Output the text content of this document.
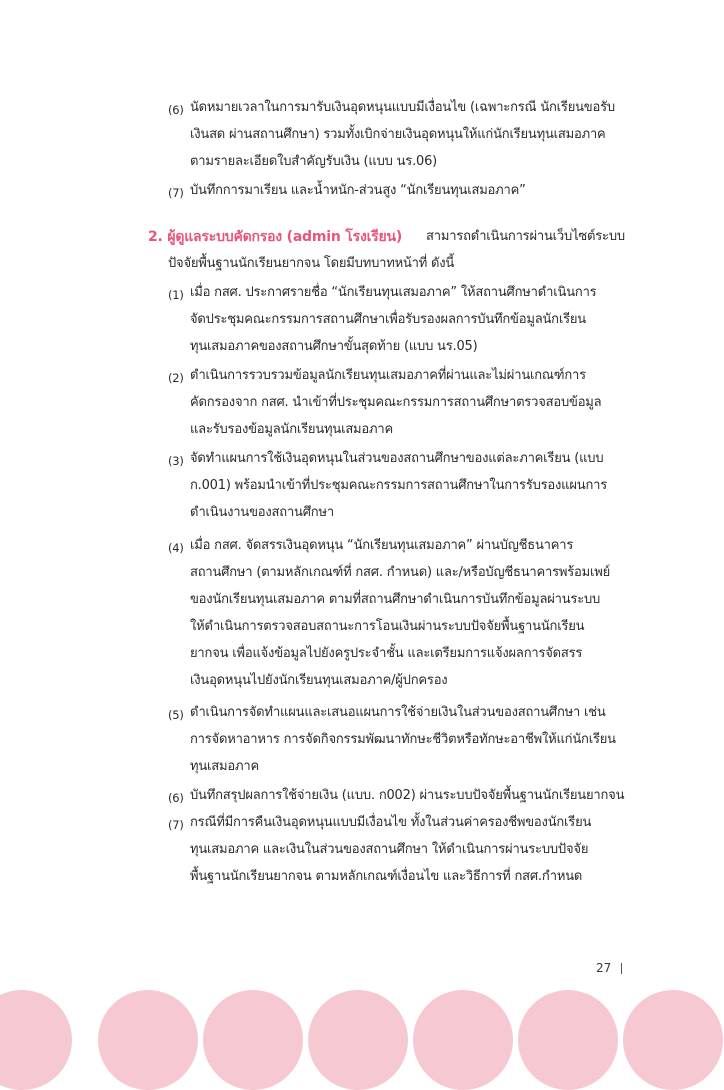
(6) นัดหมายเวลาในการมารับเงินอุดหนุนแบบมีเงื่อนไข (เฉพาะกรณี นักเรียนขอรับ
เงินสด ผ่านสถานศึกษา) รวมทั้งเบิกจ่ายเงินอุดหนุนให้แก่นักเรียนทุนเสมอภาค
ตามรายละเอียดใบสำคัญรับเงิน (แบบ นร.06)
(7) บันทึกการมาเรียน และน้ำหนัก-ส่วนสูง “นักเรียนทุนเสมอภาค”
2. ผู้ดูแลระบบคัดกรอง (admin โรงเรียน) สามารถดำเนินการผ่านเว็บไซต์ระบบ
ปัจจัยพื้นฐานนักเรียนยากจน โดยมีบทบาทหน้าที่ ดังนี้
(1) เมื่อ กสศ. ประกาศรายชื่อ “นักเรียนทุนเสมอภาค” ให้สถานศึกษาดำเนินการ
จัดประชุมคณะกรรมการสถานศึกษาเพื่อรับรองผลการบันทึกข้อมูลนักเรียน
ทุนเสมอภาคของสถานศึกษาขั้นสุดท้าย (แบบ นร.05)
(2) ดำเนินการรวบรวมข้อมูลนักเรียนทุนเสมอภาคที่ผ่านและไม่ผ่านเกณฑ์การ
คัดกรองจาก กสศ. นำเข้าที่ประชุมคณะกรรมการสถานศึกษาตรวจสอบข้อมูล
และรับรองข้อมูลนักเรียนทุนเสมอภาค
(3) จัดทำแผนการใช้เงินอุดหนุนในส่วนของสถานศึกษาของแต่ละภาคเรียน (แบบ
ก.001) พร้อมนำเข้าที่ประชุมคณะกรรมการสถานศึกษาในการรับรองแผนการ
ดำเนินงานของสถานศึกษา
(4) เมื่อ กสศ. จัดสรรเงินอุดหนุน “นักเรียนทุนเสมอภาค” ผ่านบัญชีธนาคาร
สถานศึกษา (ตามหลักเกณฑ์ที่ กสศ. กำหนด) และ/หรือบัญชีธนาคารพร้อมเพย์
ของนักเรียนทุนเสมอภาค ตามที่สถานศึกษาดำเนินการบันทึกข้อมูลผ่านระบบ
ให้ดำเนินการตรวจสอบสถานะการโอนเงินผ่านระบบปัจจัยพื้นฐานนักเรียน
ยากจน เพื่อแจ้งข้อมูลไปยังครูประจำชั้น และเตรียมการแจ้งผลการจัดสรร
เงินอุดหนุนไปยังนักเรียนทุนเสมอภาค/ผู้ปกครอง
(5) ดำเนินการจัดทำแผนและเสนอแผนการใช้จ่ายเงินในส่วนของสถานศึกษา เช่น
การจัดหาอาหาร การจัดกิจกรรมพัฒนาทักษะชีวิตหรือทักษะอาชีพให้แก่นักเรียน
ทุนเสมอภาค
(6) บันทึกสรุปผลการใช้จ่ายเงิน (แบบ. ก002) ผ่านระบบปัจจัยพื้นฐานนักเรียนยากจน
(7) กรณีที่มีการคืนเงินอุดหนุนแบบมีเงื่อนไข ทั้งในส่วนค่าครองชีพของนักเรียน
ทุนเสมอภาค และเงินในส่วนของสถานศึกษา ให้ดำเนินการผ่านระบบปัจจัย
พื้นฐานนักเรียนยากจน ตามหลักเกณฑ์เงื่อนไข และวิธีการที่ กสศ.กำหนด
27
